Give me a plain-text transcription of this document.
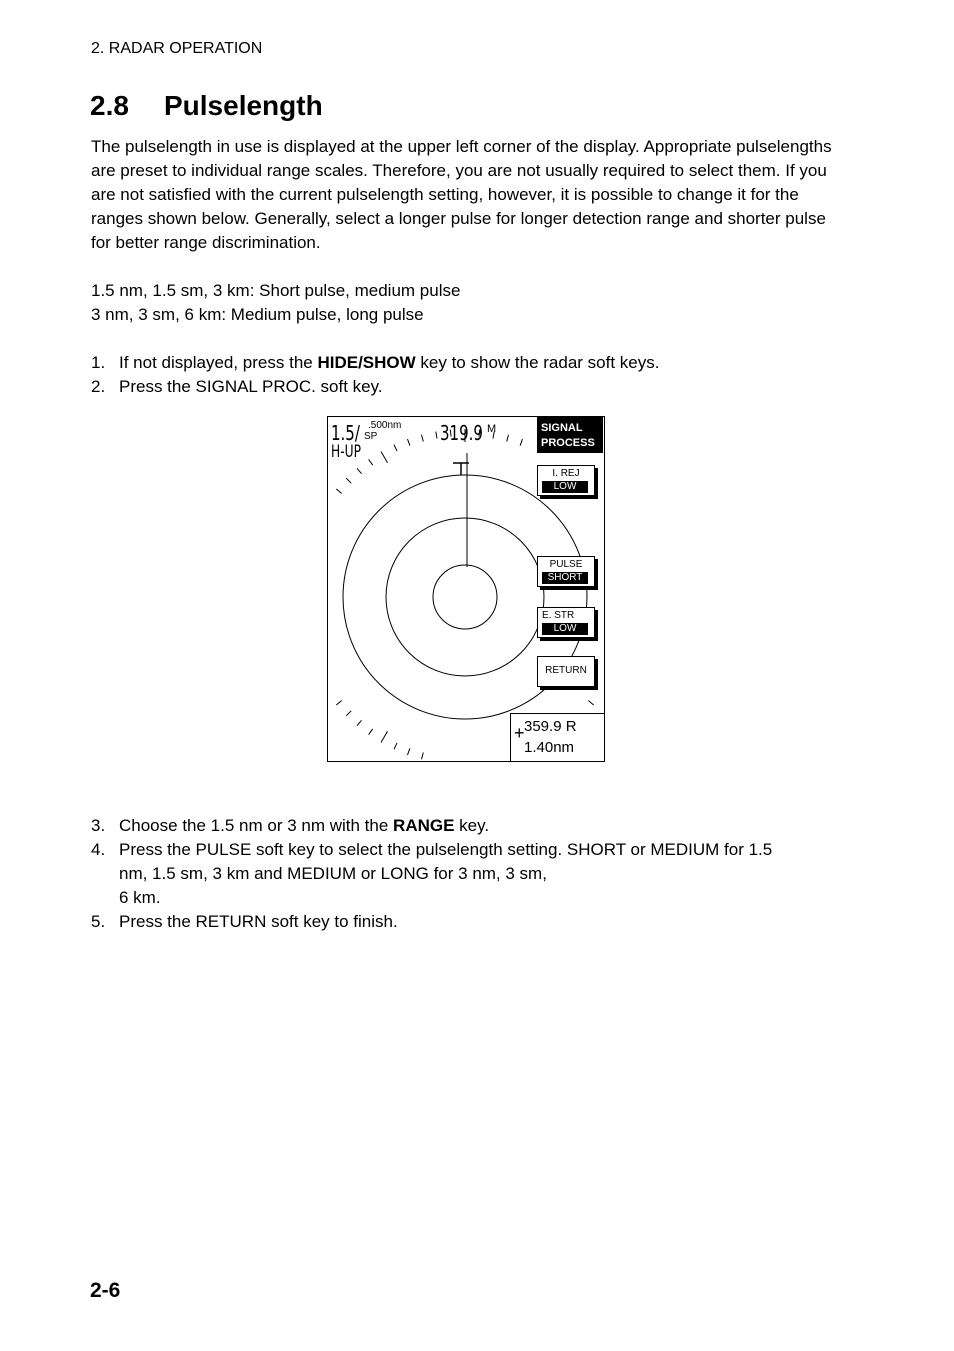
2. RADAR OPERATION
2.8 Pulselength

The pulselength in use is displayed at the upper left corner of the display. Appropriate pulselengths are preset to individual range scales. Therefore, you are not usually required to select them. If you are not satisfied with the current pulselength setting, however, it is possible to change it for the ranges shown below. Generally, select a longer pulse for longer detection range and shorter pulse for better range discrimination.

1.5 nm, 1.5 sm, 3 km: Short pulse, medium pulse
3 nm, 3 sm, 6 km: Medium pulse, long pulse
1. If not displayed, press the HIDE/SHOW key to show the radar soft keys.
2. Press the SIGNAL PROC. soft key.
1.5/ .500nm
SP
H-UP
319.9 M	SIGNAL
PROCESS
I. REJ
LOW
PULSE
SHORT
E. STR
LOW
RETURN
+ 359.9 R
1.40nm
3. Choose the 1.5 nm or 3 nm with the RANGE key.
4. Press the PULSE soft key to select the pulselength setting. SHORT or MEDIUM for 1.5
nm, 1.5 sm, 3 km and MEDIUM or LONG for 3 nm, 3 sm,
6 km.
5. Press the RETURN soft key to finish.
2-6
